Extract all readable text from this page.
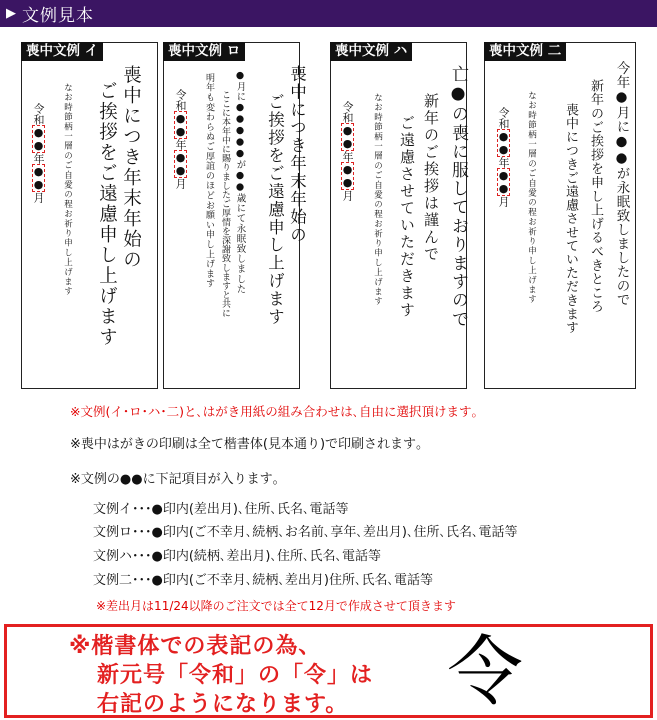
▶ 文例見本
喪中文例 イ
喪中につき年末年始の
ご挨拶をご遠慮申し上げます
なお時節柄一層のご自愛の程お祈り申し上げます
令和●●年●●月
喪中文例 ロ
喪中につき年末年始の
ご挨拶をご遠慮申し上げます
●月に●●●●●が●●歳にて永眠致しました
ここに本年中に賜りましたご厚情を深謝致しますと共に
明年も変わらぬご厚誼のほどお願い申し上げます
令和●●年●●月
喪中文例 ハ
亡●の喪に服しておりますので
新年のご挨拶は謹んで
ご遠慮させていただきます
なお時節柄一層のご自愛の程お祈り申し上げます
令和●●年●●月
喪中文例 二
今年●月に●●が永眠致しましたので
新年のご挨拶を申し上げるべきところ
喪中につきご遠慮させていただきます
なお時節柄一層のご自愛の程お祈り申し上げます
令和●●年●●月
※文例(イ･ロ･ハ･二)と､はがき用紙の組み合わせは､自由に選択頂けます｡
※喪中はがきの印刷は全て楷書体(見本通り)で印刷されます｡
※文例の●●に下記項目が入ります｡
文例イ･･･●印内(差出月)､住所､氏名､電話等
文例ロ･･･●印内(ご不幸月､続柄､お名前､享年､差出月)､住所､氏名､電話等
文例ハ･･･●印内(続柄､差出月)､住所､氏名､電話等
文例二･･･●印内(ご不幸月､続柄､差出月)住所､氏名､電話等
※差出月は11/24以降のご注文では全て12月で作成させて頂きます
※楷書体での表記の為、
新元号「令和」の「令」は
右記のようになります。 令
